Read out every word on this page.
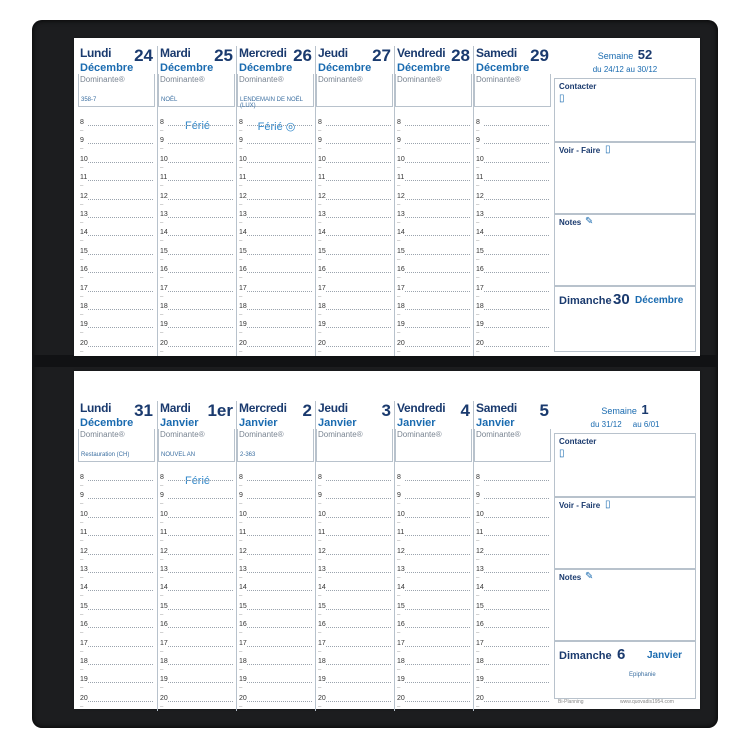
Lundi 24
Décembre
Dominante®
358-7
8
–
9
–
10
–
11
–
12
–
13
–
14
–
15
–
16
–
17
–
18
–
19
–
20
–
Mardi 25
Décembre
Dominante®
NOËL
Férié
8
–
9
–
10
–
11
–
12
–
13
–
14
–
15
–
16
–
17
–
18
–
19
–
20
–
Mercredi 26
Décembre
Dominante®
LENDEMAIN DE NOËL (LUX)
Férié ◎
8
–
9
–
10
–
11
–
12
–
13
–
14
–
15
–
16
–
17
–
18
–
19
–
20
–
Jeudi 27
Décembre
Dominante®
8
–
9
–
10
–
11
–
12
–
13
–
14
–
15
–
16
–
17
–
18
–
19
–
20
–
Vendredi 28
Décembre
Dominante®
8
–
9
–
10
–
11
–
12
–
13
–
14
–
15
–
16
–
17
–
18
–
19
–
20
–
Samedi 29
Décembre
Dominante®
8
–
9
–
10
–
11
–
12
–
13
–
14
–
15
–
16
–
17
–
18
–
19
–
20
–
Semaine 52
du 24/12 au 30/12
Contacter
▯
Voir - Faire ▯
Notes ✎
Dimanche 30 Décembre
Lundi 31
Décembre
Dominante®
Restauration (CH)
8
–
9
–
10
–
11
–
12
–
13
–
14
–
15
–
16
–
17
–
18
–
19
–
20
–
Mardi 1er
Janvier
Dominante®
NOUVEL AN
Férié
8
–
9
–
10
–
11
–
12
–
13
–
14
–
15
–
16
–
17
–
18
–
19
–
20
–
Mercredi 2
Janvier
Dominante®
2-363
8
–
9
–
10
–
11
–
12
–
13
–
14
–
15
–
16
–
17
–
18
–
19
–
20
–
Jeudi 3
Janvier
Dominante®
8
–
9
–
10
–
11
–
12
–
13
–
14
–
15
–
16
–
17
–
18
–
19
–
20
–
Vendredi 4
Janvier
Dominante®
8
–
9
–
10
–
11
–
12
–
13
–
14
–
15
–
16
–
17
–
18
–
19
–
20
–
Samedi 5
Janvier
Dominante®
8
–
9
–
10
–
11
–
12
–
13
–
14
–
15
–
16
–
17
–
18
–
19
–
20
–
Semaine 1
du 31/12 au 6/01
Contacter
▯
Voir - Faire ▯
Notes ✎
Dimanche 6 Janvier
Epiphanie
Bi-Planning	www.quovadis1954.com
